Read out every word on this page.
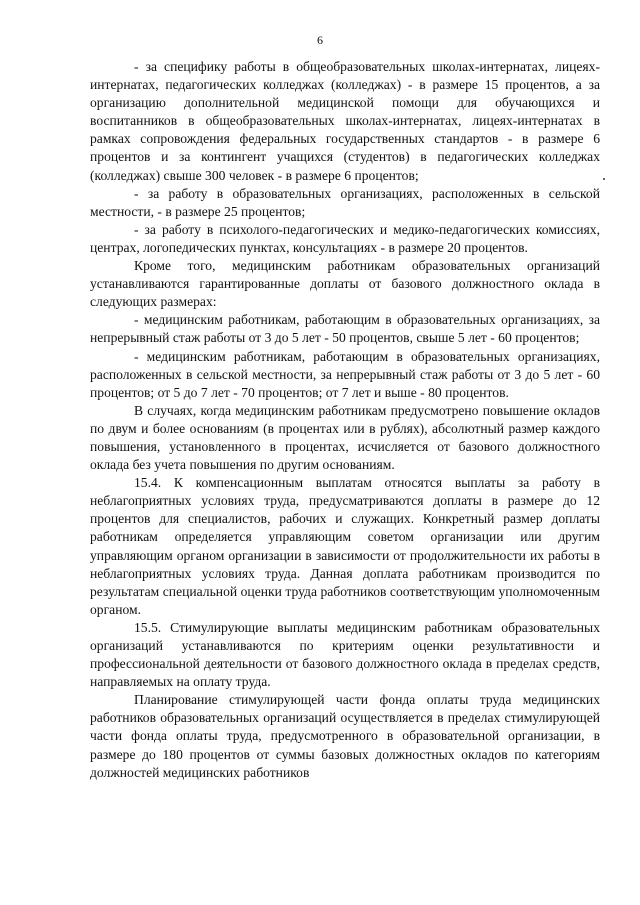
6

- за специфику работы в общеобразовательных школах-интернатах, лицеях-интернатах, педагогических колледжах (колледжах) - в размере 15 процентов, а за организацию дополнительной медицинской помощи для обучающихся и воспитанников в общеобразовательных школах-интернатах, лицеях-интернатах в рамках сопровождения федеральных государственных стандартов - в размере 6 процентов и за контингент учащихся (студентов) в педагогических колледжах (колледжах) свыше 300 человек - в размере 6 процентов;

- за работу в образовательных организациях, расположенных в сельской местности, - в размере 25 процентов;

- за работу в психолого-педагогических и медико-педагогических комиссиях, центрах, логопедических пунктах, консультациях - в размере 20 процентов.

Кроме того, медицинским работникам образовательных организаций устанавливаются гарантированные доплаты от базового должностного оклада в следующих размерах:

- медицинским работникам, работающим в образовательных организациях, за непрерывный стаж работы от 3 до 5 лет - 50 процентов, свыше 5 лет - 60 процентов;

- медицинским работникам, работающим в образовательных организациях, расположенных в сельской местности, за непрерывный стаж работы от 3 до 5 лет - 60 процентов; от 5 до 7 лет - 70 процентов; от 7 лет и выше - 80 процентов.

В случаях, когда медицинским работникам предусмотрено повышение окладов по двум и более основаниям (в процентах или в рублях), абсолютный размер каждого повышения, установленного в процентах, исчисляется от базового должностного оклада без учета повышения по другим основаниям.

15.4. К компенсационным выплатам относятся выплаты за работу в неблагоприятных условиях труда, предусматриваются доплаты в размере до 12 процентов для специалистов, рабочих и служащих. Конкретный размер доплаты работникам определяется управляющим советом организации или другим управляющим органом организации в зависимости от продолжительности их работы в неблагоприятных условиях труда. Данная доплата работникам производится по результатам специальной оценки труда работников соответствующим уполномоченным органом.

15.5. Стимулирующие выплаты медицинским работникам образовательных организаций устанавливаются по критериям оценки результативности и профессиональной деятельности от базового должностного оклада в пределах средств, направляемых на оплату труда.

Планирование стимулирующей части фонда оплаты труда медицинских работников образовательных организаций осуществляется в пределах стимулирующей части фонда оплаты труда, предусмотренного в образовательной организации, в размере до 180 процентов от суммы базовых должностных окладов по категориям должностей медицинских работников
